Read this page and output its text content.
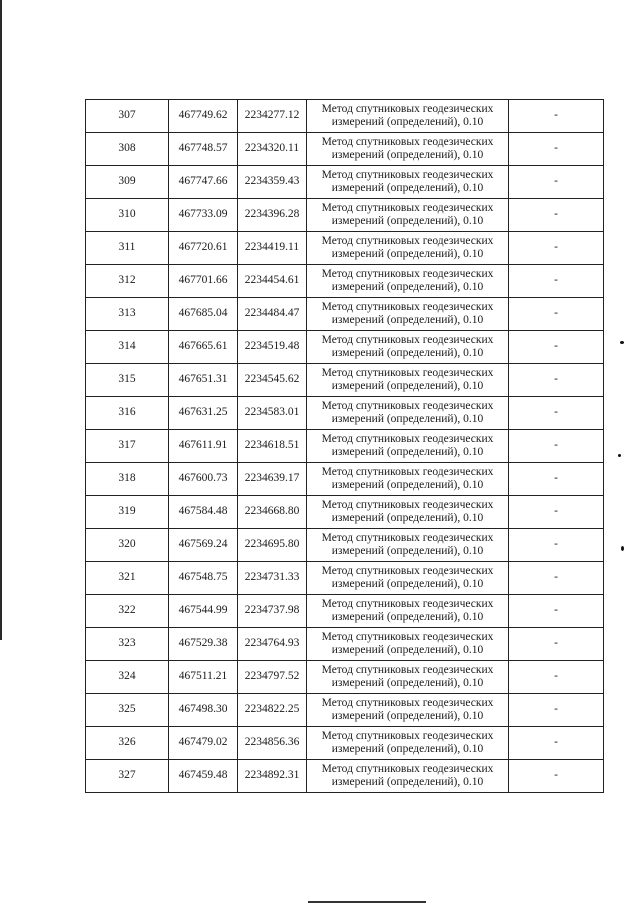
307	467749.62	2234277.12	Метод спутниковых геодезических
измерений (определений), 0.10	-
308	467748.57	2234320.11	Метод спутниковых геодезических
измерений (определений), 0.10	-
309	467747.66	2234359.43	Метод спутниковых геодезических
измерений (определений), 0.10	-
310	467733.09	2234396.28	Метод спутниковых геодезических
измерений (определений), 0.10	-
311	467720.61	2234419.11	Метод спутниковых геодезических
измерений (определений), 0.10	-
312	467701.66	2234454.61	Метод спутниковых геодезических
измерений (определений), 0.10	-
313	467685.04	2234484.47	Метод спутниковых геодезических
измерений (определений), 0.10	-
314	467665.61	2234519.48	Метод спутниковых геодезических
измерений (определений), 0.10	-
315	467651.31	2234545.62	Метод спутниковых геодезических
измерений (определений), 0.10	-
316	467631.25	2234583.01	Метод спутниковых геодезических
измерений (определений), 0.10	-
317	467611.91	2234618.51	Метод спутниковых геодезических
измерений (определений), 0.10	-
318	467600.73	2234639.17	Метод спутниковых геодезических
измерений (определений), 0.10	-
319	467584.48	2234668.80	Метод спутниковых геодезических
измерений (определений), 0.10	-
320	467569.24	2234695.80	Метод спутниковых геодезических
измерений (определений), 0.10	-
321	467548.75	2234731.33	Метод спутниковых геодезических
измерений (определений), 0.10	-
322	467544.99	2234737.98	Метод спутниковых геодезических
измерений (определений), 0.10	-
323	467529.38	2234764.93	Метод спутниковых геодезических
измерений (определений), 0.10	-
324	467511.21	2234797.52	Метод спутниковых геодезических
измерений (определений), 0.10	-
325	467498.30	2234822.25	Метод спутниковых геодезических
измерений (определений), 0.10	-
326	467479.02	2234856.36	Метод спутниковых геодезических
измерений (определений), 0.10	-
327	467459.48	2234892.31	Метод спутниковых геодезических
измерений (определений), 0.10	-
